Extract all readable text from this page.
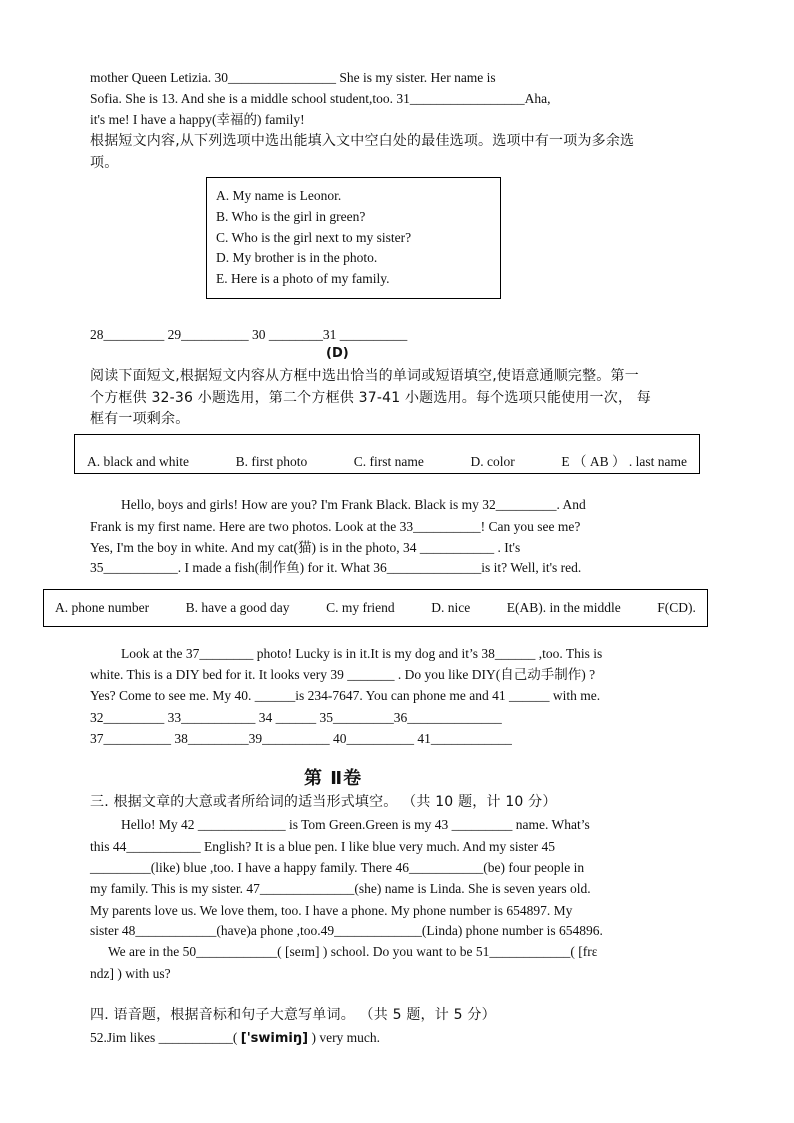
mother Queen Letizia. 30________________ She is my sister. Her name is
Sofia. She is 13. And she is a middle school student,too. 31_________________Aha,
it's me! I have a happy(幸福的) family!
根据短文内容,从下列选项中选出能填入文中空白处的最佳选项。选项中有一项为多余选
项。
A. My name is Leonor.
B. Who is the girl in green?
C. Who is the girl next to my sister?
D. My brother is in the photo.
E. Here is a photo of my family.
28_________ 29__________ 30 ________31 __________
(D)
阅读下面短文,根据短文内容从方框中选出恰当的单词或短语填空,使语意通顺完整。第一
个方框供 32-36 小题选用，第二个方框供 37-41 小题选用。每个选项只能使用一次， 每
框有一项剩余。
A. black and white	B. first photo	C. first name	D. color	E （ AB ） . last name
Hello, boys and girls! How are you? I'm Frank Black. Black is my 32_________. And
Frank is my first name. Here are two photos. Look at the 33__________! Can you see me?
Yes, I'm the boy in white. And my cat(猫) is in the photo, 34 ___________ . It's
35___________. I made a fish(制作鱼) for it. What 36______________is it? Well, it's red.
A. phone number	B. have a good day	C. my friend	D. nice	E(AB). in the middle	F(CD).
Look at the 37________ photo! Lucky is in it.It is my dog and it’s 38______ ,too. This is
white. This is a DIY bed for it. It looks very 39 _______ . Do you like DIY(自己动手制作) ?
Yes? Come to see me. My 40. ______is 234-7647. You can phone me and 41 ______ with me.
32_________ 33___________ 34 ______ 35_________36______________
37__________ 38_________39__________ 40__________ 41____________
第 Ⅱ卷
三. 根据文章的大意或者所给词的适当形式填空。 （共 10 题，计 10 分）
Hello! My 42 _____________ is Tom Green.Green is my 43 _________ name. What’s
this 44___________ English? It is a blue pen. I like blue very much. And my sister 45
_________(like) blue ,too. I have a happy family. There 46___________(be) four people in
my family. This is my sister. 47______________(she) name is Linda. She is seven years old.
My parents love us. We love them, too. I have a phone. My phone number is 654897. My
sister 48____________(have)a phone ,too.49_____________(Linda) phone number is 654896.
We are in the 50____________( [seɪm] ) school. Do you want to be 51____________( [frɛ
ndz] ) with us?
四. 语音题，根据音标和句子大意写单词。 （共 5 题，计 5 分）
52.Jim likes ___________( ['swimiŋ] ) very much.
